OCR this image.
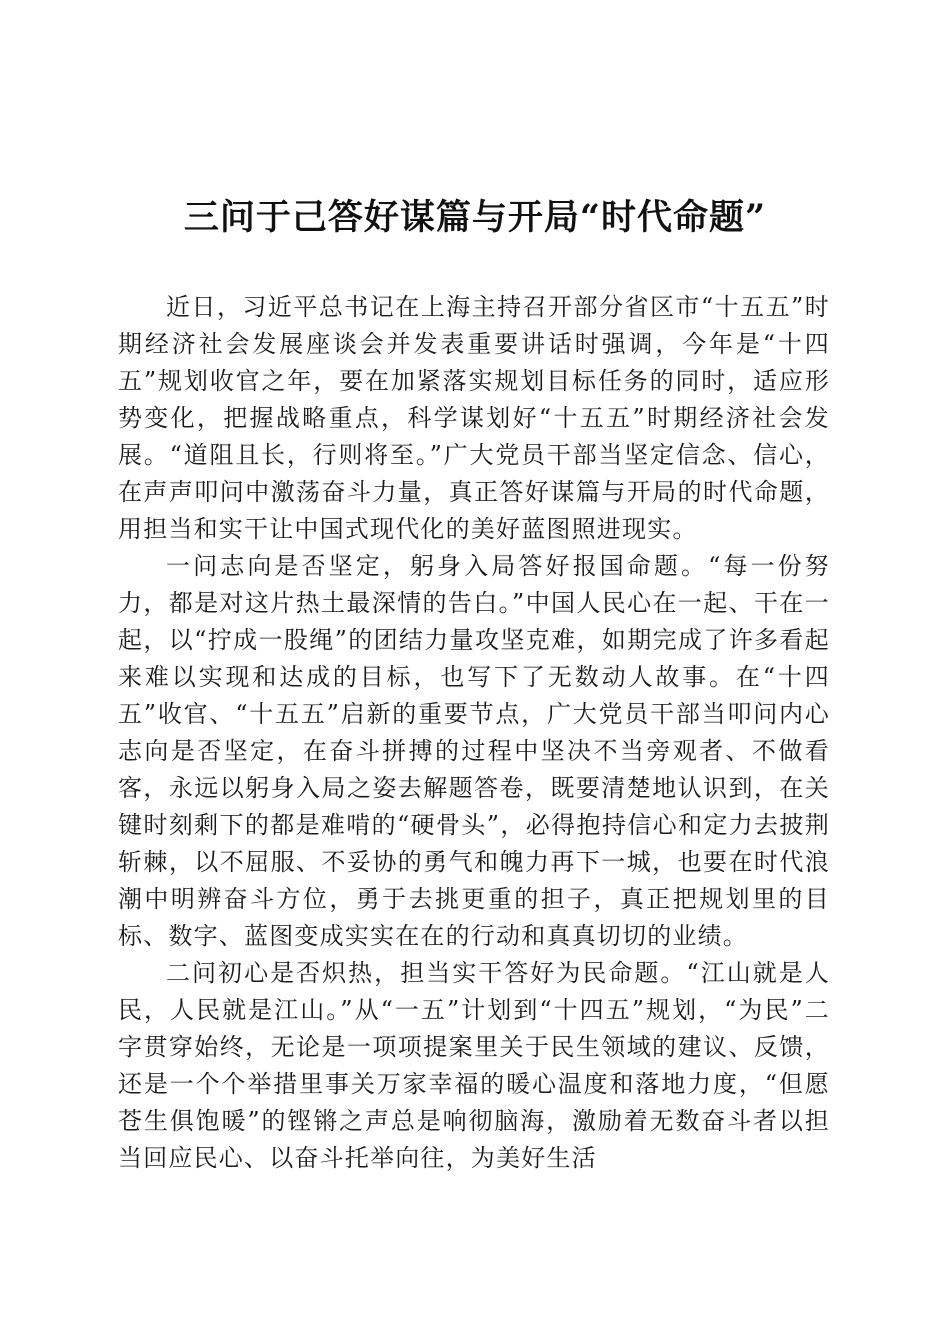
三问于己答好谋篇与开局“时代命题”

近日，习近平总书记在上海主持召开部分省区市“十五五”时期经济社会发展座谈会并发表重要讲话时强调，今年是“十四五”规划收官之年，要在加紧落实规划目标任务的同时，适应形势变化，把握战略重点，科学谋划好“十五五”时期经济社会发展。“道阻且长，行则将至。”广大党员干部当坚定信念、信心，在声声叩问中激荡奋斗力量，真正答好谋篇与开局的时代命题，用担当和实干让中国式现代化的美好蓝图照进现实。

一问志向是否坚定，躬身入局答好报国命题。“每一份努力，都是对这片热土最深情的告白。”中国人民心在一起、干在一起，以“拧成一股绳”的团结力量攻坚克难，如期完成了许多看起来难以实现和达成的目标，也写下了无数动人故事。在“十四五”收官、“十五五”启新的重要节点，广大党员干部当叩问内心志向是否坚定，在奋斗拼搏的过程中坚决不当旁观者、不做看客，永远以躬身入局之姿去解题答卷，既要清楚地认识到，在关键时刻剩下的都是难啃的“硬骨头”，必得抱持信心和定力去披荆斩棘，以不屈服、不妥协的勇气和魄力再下一城，也要在时代浪潮中明辨奋斗方位，勇于去挑更重的担子，真正把规划里的目标、数字、蓝图变成实实在在的行动和真真切切的业绩。

二问初心是否炽热，担当实干答好为民命题。“江山就是人民，人民就是江山。”从“一五”计划到“十四五”规划，“为民”二字贯穿始终，无论是一项项提案里关于民生领域的建议、反馈，还是一个个举措里事关万家幸福的暖心温度和落地力度，“但愿苍生俱饱暖”的铿锵之声总是响彻脑海，激励着无数奋斗者以担当回应民心、以奋斗托举向往，为美好生活
